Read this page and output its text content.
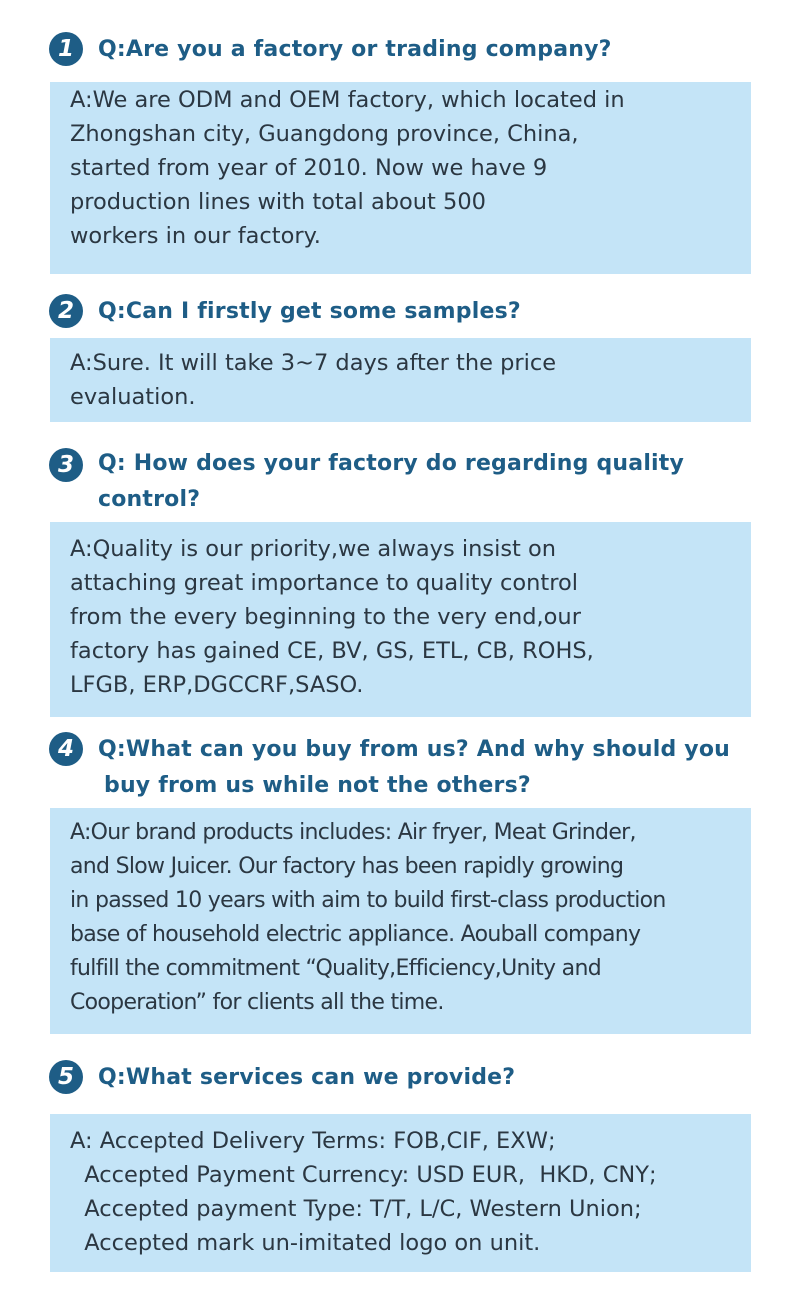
1	Q:Are you a factory or trading company?
A:We are ODM and OEM factory, which located in
Zhongshan city, Guangdong province, China,
started from year of 2010. Now we have 9
production lines with total about 500
workers in our factory.
2	Q:Can I firstly get some samples?
A:Sure. It will take 3~7 days after the price
evaluation.
3	Q: How does your factory do regarding quality
control?
A:Quality is our priority,we always insist on
attaching great importance to quality control
from the every beginning to the very end,our
factory has gained CE, BV, GS, ETL, CB, ROHS,
LFGB, ERP,DGCCRF,SASO.
4	Q:What can you buy from us? And why should you
buy from us while not the others?
A:Our brand products includes: Air fryer, Meat Grinder,
and Slow Juicer. Our factory has been rapidly growing
in passed 10 years with aim to build first-class production
base of household electric appliance. Aouball company
fulfill the commitment “Quality,Efficiency,Unity and
Cooperation” for clients all the time.
5	Q:What services can we provide?
A: Accepted Delivery Terms: FOB,CIF, EXW;
Accepted Payment Currency: USD EUR,  HKD, CNY;
Accepted payment Type: T/T, L/C, Western Union;
Accepted mark un-imitated logo on unit.
